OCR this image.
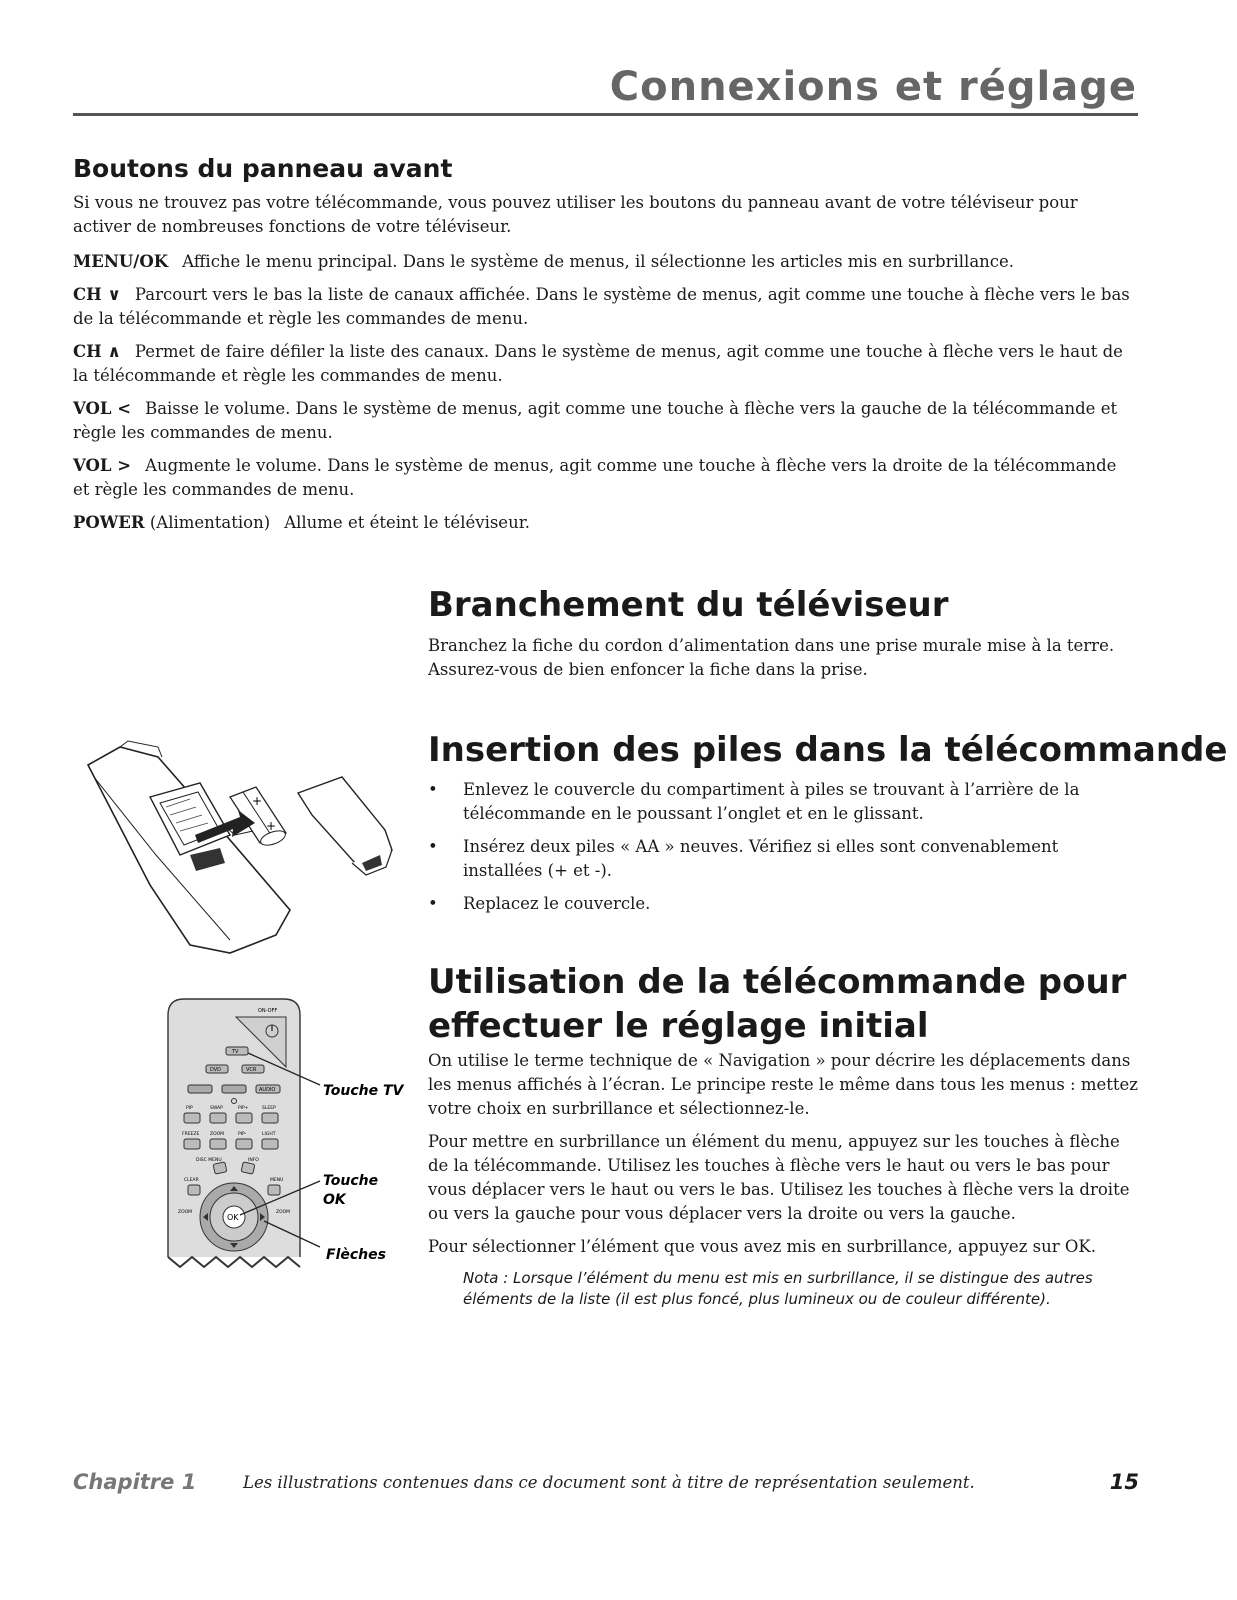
Connexions et réglage
Boutons du panneau avant
Si vous ne trouvez pas votre télécommande, vous pouvez utiliser les boutons du panneau avant de votre téléviseur pour activer de nombreuses fonctions de votre téléviseur.

MENU/OK Affiche le menu principal. Dans le système de menus, il sélectionne les articles mis en surbrillance.

CH ∨ Parcourt vers le bas la liste de canaux affichée. Dans le système de menus, agit comme une touche à flèche vers le bas de la télécommande et règle les commandes de menu.

CH ∧ Permet de faire défiler la liste des canaux. Dans le système de menus, agit comme une touche à flèche vers le haut de la télécommande et règle les commandes de menu.

VOL < Baisse le volume. Dans le système de menus, agit comme une touche à flèche vers la gauche de la télécommande et règle les commandes de menu.

VOL > Augmente le volume. Dans le système de menus, agit comme une touche à flèche vers la droite de la télécommande et règle les commandes de menu.

POWER (Alimentation) Allume et éteint le téléviseur.

Branchement du téléviseur
Branchez la fiche du cordon d’alimentation dans une prise murale mise à la terre. Assurez-vous de bien enfoncer la fiche dans la prise.
+
+
Insertion des piles dans la télécommande
• Enlevez le couvercle du compartiment à piles se trouvant à l’arrière de la télécommande en le poussant l’onglet et en le glissant.
• Insérez deux piles « AA » neuves. Vérifiez si elles sont convenablement installées (+ et -).
• Replacez le couvercle.
Utilisation de la télécommande pour effectuer le réglage initial

On utilise le terme technique de « Navigation » pour décrire les déplacements dans les menus affichés à l’écran. Le principe reste le même dans tous les menus : mettez votre choix en surbrillance et sélectionnez-le.

Pour mettre en surbrillance un élément du menu, appuyez sur les touches à flèche de la télécommande. Utilisez les touches à flèche vers le haut ou vers le bas pour vous déplacer vers le haut ou vers le bas. Utilisez les touches à flèche vers la droite ou vers la gauche pour vous déplacer vers la droite ou vers la gauche.

Pour sélectionner l’élément que vous avez mis en surbrillance, appuyez sur OK.

Nota : Lorsque l’élément du menu est mis en surbrillance, il se distingue des autres éléments de la liste (il est plus foncé, plus lumineux ou de couleur différente).
ON-OFF
TV
DVD	VCR
AUDIO
PIP	SWAP	PIP+	SLEEP
FREEZE ZOOM	PIP-	LIGHT
DISC MENU	INFO
CLEAR	MENU
OK
ZOOM	ZOOM
Touche TV
Touche
OK
Flèches
Chapitre 1	Les illustrations contenues dans ce document sont à titre de représentation seulement.	15
